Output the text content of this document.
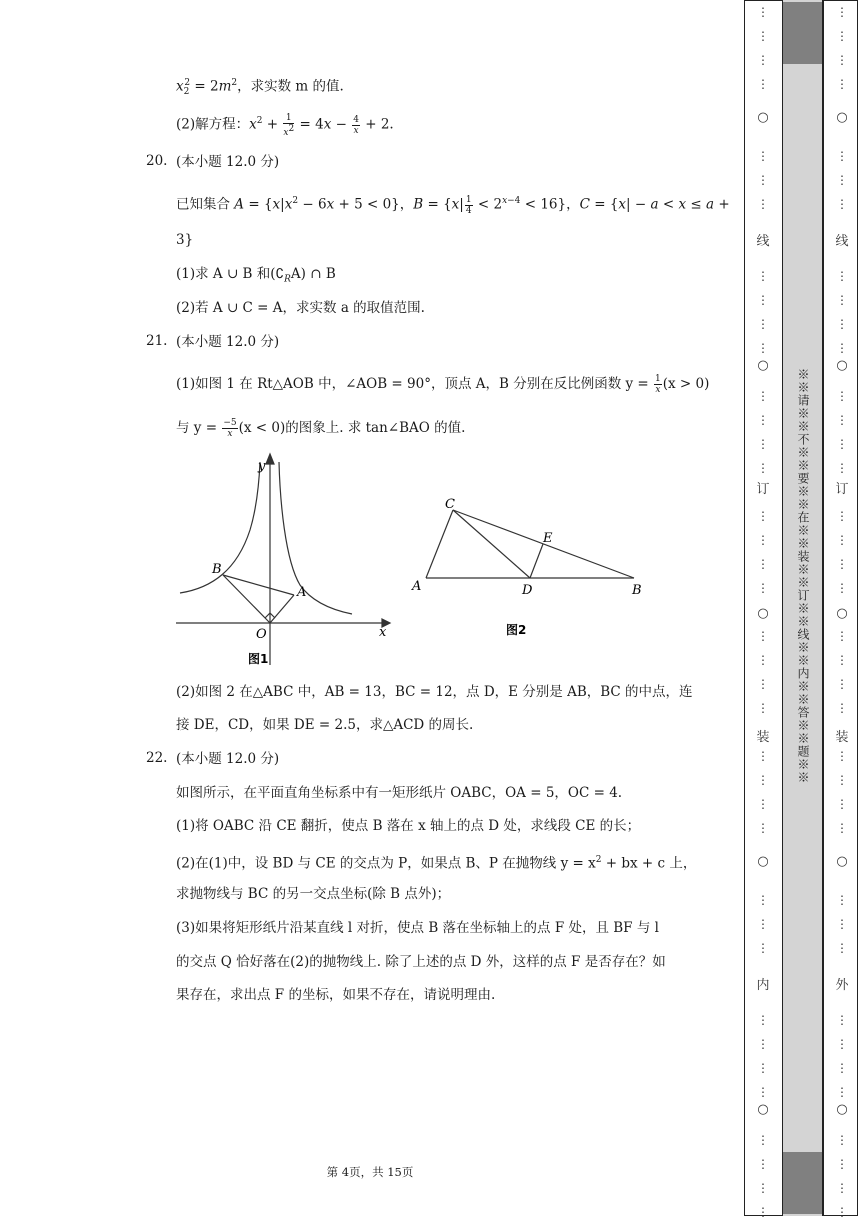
$x_2^2 = 2m^2$，求实数 m 的值.
(2)解方程：$x^2 + \frac{1}{x^2} = 4x - \frac{4}{x} + 2$.
20. (本小题 12.0 分)
已知集合 $A = \{x|x^2 - 6x + 5 < 0\}$，$B = \{x| \frac{1}{4} < 2^{x-4} < 16\}$，C = {x| − a < x ≤ a +
3}
(1)求 A ∪ B 和$(∁_RA)$ ∩ B
(2)若 A ∪ C = A，求实数 a 的取值范围.
21. (本小题 12.0 分)
(1)如图 1 在 Rt△AOB 中，∠AOB = 90°，顶点 A，B 分别在反比例函数 $y = \frac{1}{x} (x > 0)$
与 $y = \frac{-5}{x} (x < 0)$的图象上. 求 tan∠BAO 的值.
y
x
B
A
O
图1
C
E
A	D	B
图2
(2)如图 2 在△ABC 中，AB = 13，BC = 12，点 D，E 分别是 AB，BC 的中点，连
接 DE，CD，如果 DE = 2.5，求△ACD 的周长.
22. (本小题 12.0 分)
如图所示，在平面直角坐标系中有一矩形纸片 OABC，OA = 5，OC = 4.
(1)将 OABC 沿 CE 翻折，使点 B 落在 x 轴上的点 D 处，求线段 CE 的长；
(2)在(1)中，设 BD 与 CE 的交点为 P，如果点 B、P 在抛物线 $y = x^2$ + bx + c 上，
求抛物线与 BC 的另一交点坐标(除 B 点外)；
(3)如果将矩形纸片沿某直线 l 对折，使点 B 落在坐标轴上的点 F 处，且 BF 与 l
的交点 Q 恰好落在(2)的抛物线上. 除了上述的点 D 外，这样的点 F 是否存在？如
果存在，求出点 F 的坐标，如果不存在，请说明理由.
第 4页，共 15页
※※请※※不※※要※※在※※装※※订※※线※※内※※答※※题※※
⋮
⋮
⋮
⋮
⋮
⋮
⋮
⋮
⋮
⋮
⋮
⋮
⋮
⋮
⋮
⋮
⋮
⋮
⋮
⋮
⋮
⋮
⋮
⋮
⋮
⋮
⋮
⋮
⋮
⋮
⋮
⋮
⋮
⋮
⋮
⋮
⋮
⋮
○
线
○
订
○
装
○
内
○
⋮
⋮
⋮
⋮
⋮
⋮
⋮
⋮
⋮
⋮
⋮
⋮
⋮
⋮
⋮
⋮
⋮
⋮
⋮
⋮
⋮
⋮
⋮
⋮
⋮
⋮
⋮
⋮
⋮
⋮
⋮
⋮
⋮
⋮
⋮
⋮
⋮
⋮
○
线
○
订
○
装
○
外
○
